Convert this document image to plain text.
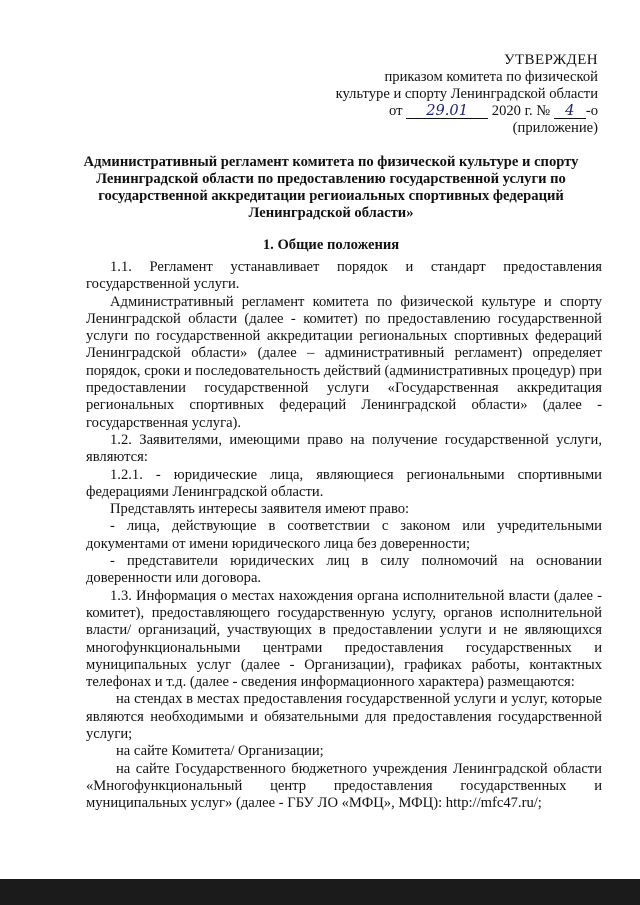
УТВЕРЖДЕН
приказом комитета по физической
культуре и спорту Ленинградской области
от 29.01 2020 г. № 4 -о
(приложение)
Административный регламент комитета по физической культуре и спорту Ленинградской области по предоставлению государственной услуги по государственной аккредитации региоиальных спортивных федераций Ленинградской области»
1. Общие положения

1.1. Регламент устанавливает порядок и стандарт предоставления государственной услуги.

Административный регламент комитета по физической культуре и спорту Ленинградской области (далее - комитет) по предоставлению государственной услуги по государственной аккредитации региональных спортивных федераций Ленинградской области» (далее – административный регламент) определяет порядок, сроки и последовательность действий (административных процедур) при предоставлении государственной услуги «Государственная аккредитация региональных спортивных федераций Ленинградской области» (далее - государственная услуга).

1.2. Заявителями, имеющими право на получение государственной услуги, являются:

1.2.1. - юридические лица, являющиеся региональными спортивными федерациями Ленинградской области.

Представлять интересы заявителя имеют право:

- лица, действующие в соответствии с законом или учредительными документами от имени юридического лица без доверенности;

- представители юридических лиц в силу полномочий на основании доверенности или договора.

1.3. Информация о местах нахождения органа исполнительной власти (далее - комитет), предоставляющего государственную услугу, органов исполнительной власти/ организаций, участвующих в предоставлении услуги и не являющихся многофункциональными центрами предоставления государственных и муниципальных услуг (далее - Организации), графиках работы, контактных телефонах и т.д. (далее - сведения информационного характера) размещаются:

на стендах в местах предоставления государственной услуги и услуг, которые являются необходимыми и обязательными для предоставления государственной услуги;

на сайте Комитета/ Организации;

на сайте Государственного бюджетного учреждения Ленинградской области «Многофункциональный центр предоставления государственных и муниципальных услуг» (далее - ГБУ ЛО «МФЦ», МФЦ): http://mfc47.ru/;
